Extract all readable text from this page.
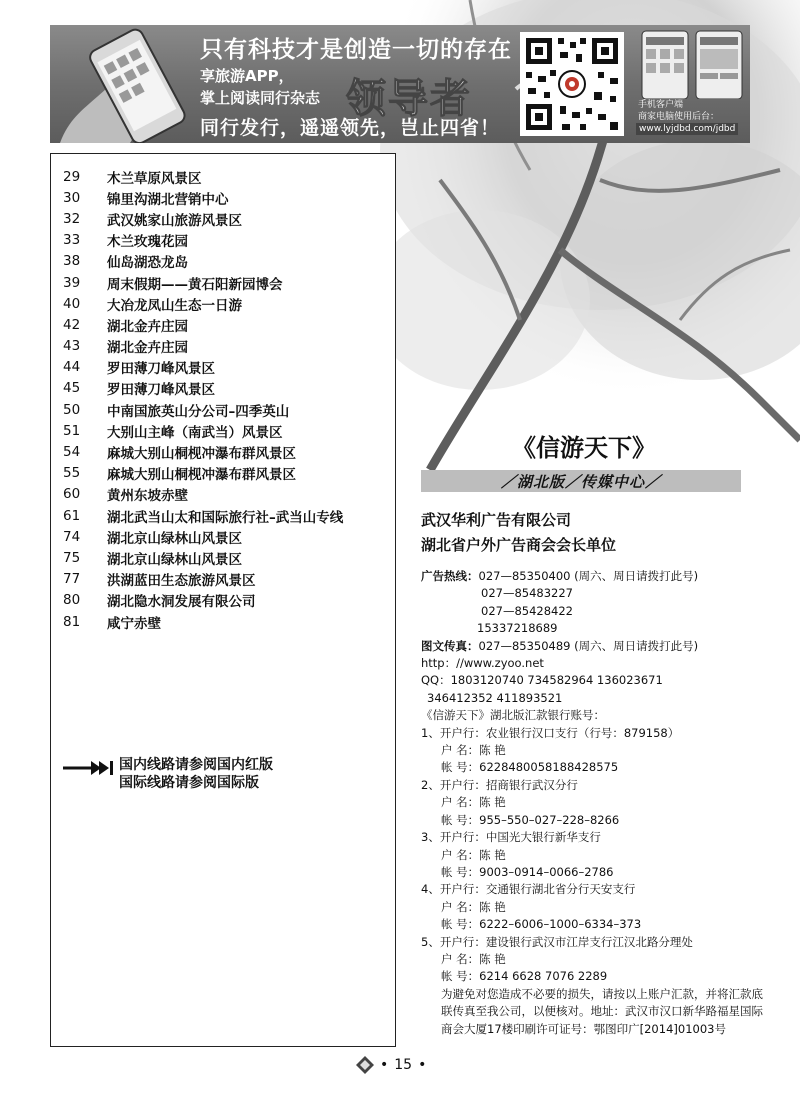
只有科技才是创造一切的存在
享旅游APP，
掌上阅读同行杂志 领导者
同行发行，遥遥领先，岂止四省！
手机客户端
商家电脑使用后台：
www.lyjdbd.com/jdbd
29	木兰草原风景区
30	锦里沟湖北营销中心
32	武汉姚家山旅游风景区
33	木兰玫瑰花园
38	仙岛湖恐龙岛
39	周末假期——黄石阳新园博会
40	大冶龙凤山生态一日游
42	湖北金卉庄园
43	湖北金卉庄园
44	罗田薄刀峰风景区
45	罗田薄刀峰风景区
50	中南国旅英山分公司–四季英山
51	大别山主峰（南武当）风景区
54	麻城大别山桐枧冲瀑布群风景区
55	麻城大别山桐枧冲瀑布群风景区
60	黄州东坡赤壁
61	湖北武当山太和国际旅行社–武当山专线
74	湖北京山绿林山风景区
75	湖北京山绿林山风景区
77	洪湖蓝田生态旅游风景区
80	湖北隐水洞发展有限公司
81	咸宁赤壁
国内线路请参阅国内红版
国际线路请参阅国际版
《信游天下》
／湖北版／传媒中心／
武汉华利广告有限公司
湖北省户外广告商会会长单位
广告热线：027—85350400 (周六、周日请拨打此号)
027—85483227
027—85428422
15337218689
图文传真：027—85350489 (周六、周日请拨打此号)
http：//www.zyoo.net
QQ：1803120740 734582964 136023671
346412352 411893521
《信游天下》湖北版汇款银行账号：
1、开户行：农业银行汉口支行（行号：879158）
户 名：陈 艳
帐 号：6228480058188428575
2、开户行：招商银行武汉分行
户 名：陈 艳
帐 号：955–550–027–228–8266
3、开户行：中国光大银行新华支行
户 名：陈 艳
帐 号：9003–0914–0066–2786
4、开户行：交通银行湖北省分行天安支行
户 名：陈 艳
帐 号：6222–6006–1000–6334–373
5、开户行：建设银行武汉市江岸支行江汉北路分理处
户 名：陈 艳
帐 号：6214 6628 7076 2289
为避免对您造成不必要的损失，请按以上账户汇款，并将汇款底联传真至我公司，以便核对。地址：武汉市汉口新华路福星国际商会大厦17楼印刷许可证号：鄂图印广[2014]01003号
• 15 •
